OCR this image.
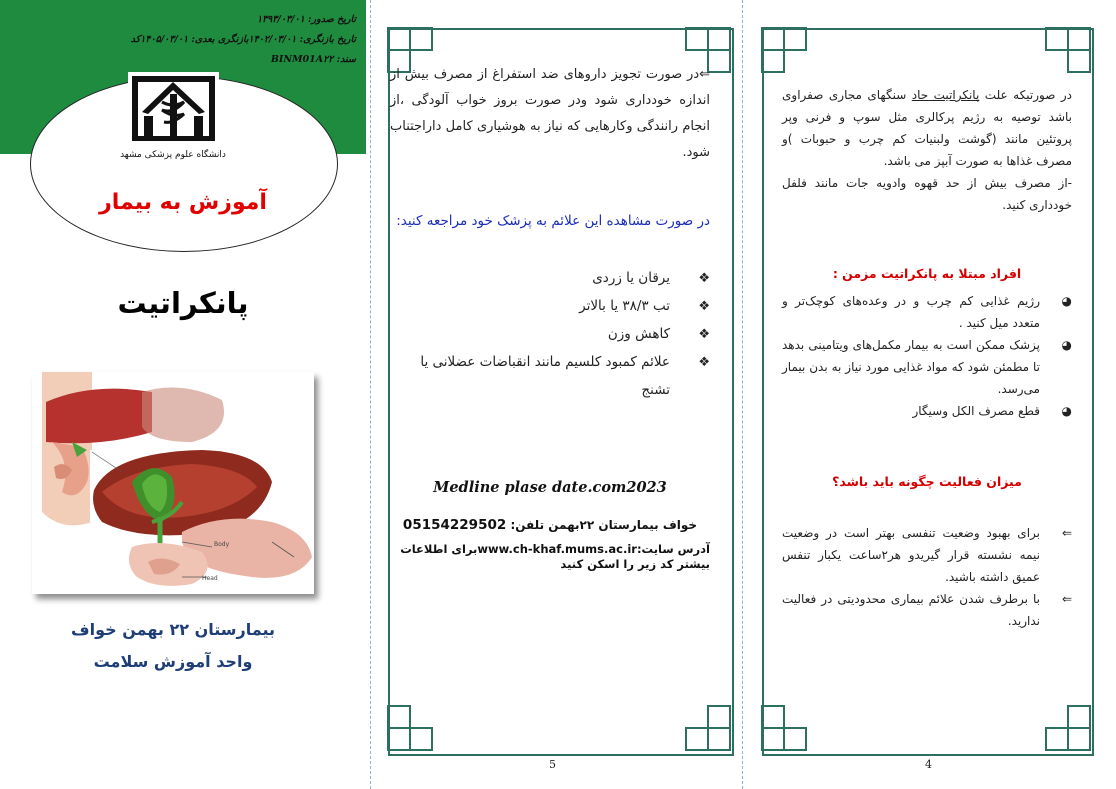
تاریخ صدور: ۱۳۹۳/۰۳/۰۱
تاریخ بازنگری: ۱۴۰۲/۰۳/۰۱بازنگری بعدی: ۱۴۰۵/۰۳/۰۱کد
سند: BINM01A۲۲
دانشگاه علوم پزشکی مشهد
آموزش به بیمار
پانکراتیت
Body
Head
بیمارستان ۲۲ بهمن خواف
واحد آموزش سلامت
⇐در صورت تجویز داروهای ضد استفراغ از مصرف بیش از اندازه خودداری شود ودر صورت بروز خواب آلودگی ،از انجام رانندگی وکارهایی که نیاز به هوشیاری کامل داراجتناب شود.
در صورت مشاهده این علائم به پزشک خود مراجعه کنید:
❖
یرقان یا زردی
❖
تب ۳۸/۳ یا بالاتر
❖
کاهش وزن
❖
علائم کمبود کلسیم مانند انقباضات عضلانی یا تشنج
Medline plase date.com2023
خواف بیمارستان ۲۲بهمن تلفن: 05154229502
آدرس سایت:www.ch-khaf.mums.ac.irبرای اطلاعات بیشتر کد زیر را اسکن کنید
5
در صورتیکه علت پانکراتیت حاد سنگهای مجاری صفراوی باشد توصیه به رژیم پرکالری مثل سوپ و فرنی وپر پروتئین مانند (گوشت ولبنیات کم چرب و حبوبات )و مصرف غذاها به صورت آبپز می باشد.
-از مصرف بیش از حد قهوه وادویه جات مانند فلفل خودداری کنید.
افراد مبتلا به پانکراتیت مزمن :
◕
رژیم غذایی کم چرب و در وعده‌های کوچک‌تر و متعدد میل کنید .
◕
پزشک ممکن است به بیمار مکمل‌های ویتامینی بدهد تا مطمئن شود که مواد غذایی مورد نیاز به بدن بیمار می‌رسد.
◕
قطع مصرف الکل وسیگار
میزان فعالیت چگونه باید باشد؟
⇐
برای بهبود وضعیت تنفسی بهتر است در وضعیت نیمه نشسته قرار گیریدو هر۲ساعت یکبار تنفس عمیق داشته باشید.
⇐
با برطرف شدن علائم بیماری محدودیتی در فعالیت ندارید.
4
